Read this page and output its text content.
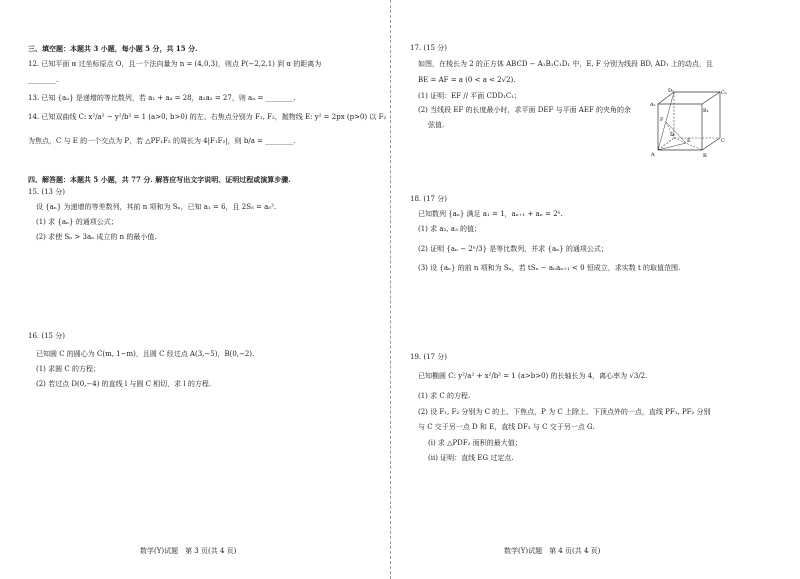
三、填空题：本题共 3 小题，每小题 5 分，共 15 分.
12. 已知平面 α 过坐标原点 O，且一个法向量为 n = (4,0,3)，则点 P(−2,2,1) 到 α 的距离为
________.
13. 已知 {aₙ} 是递增的等比数列，若 a₁ + a₄ = 28，a₂a₃ = 27，则 aₙ = ________.
14. 已知双曲线 C: x²/a² − y²/b² = 1 (a>0, b>0) 的左、右焦点分别为 F₁, F₂，抛物线 E: y² = 2px (p>0) 以 F₂
为焦点，C 与 E 的一个交点为 P，若 △PF₁F₂ 的周长为 4|F₁F₂|，则 b/a = ________.
四、解答题：本题共 5 小题，共 77 分. 解答应写出文字说明、证明过程或演算步骤.
15. (13 分)
设 {aₙ} 为递增的等差数列，其前 n 项和为 Sₙ，已知 a₁ = 6，且 2S₅ = a₅².
(1) 求 {aₙ} 的通项公式；
(2) 求使 Sₙ > 3aₙ 成立的 n 的最小值.
16. (15 分)
已知圆 C 的圆心为 C(m, 1−m)，且圆 C 经过点 A(3,−5)，B(0,−2).
(1) 求圆 C 的方程；
(2) 若过点 D(0,−4) 的直线 l 与圆 C 相切，求 l 的方程.
数学(Y)试题　第 3 页(共 4 页)
17. (15 分)
如图，在棱长为 2 的正方体 ABCD − A₁B₁C₁D₁ 中，E, F 分别为线段 BD, AD₁ 上的动点，且
BE = AF = a (0 < a < 2√2).
(1) 证明：EF // 平面 CDD₁C₁；
(2) 当线段 EF 的长度最小时，求平面 DEF 与平面 AEF 的夹角的余
弦值.
A₁
D₁	C₁
B₁
A
D
C
B
F
E
18. (17 分)
已知数列 {aₙ} 满足 a₁ = 1，aₙ₊₁ + aₙ = 2ⁿ.
(1) 求 a₂, a₃ 的值；
(2) 证明 {aₙ − 2ⁿ/3} 是等比数列，并求 {aₙ} 的通项公式；
(3) 设 {aₙ} 的前 n 项和为 Sₙ，若 tSₙ − aₙaₙ₊₁ < 0 恒成立，求实数 t 的取值范围.
19. (17 分)
已知椭圆 C: y²/a² + x²/b² = 1 (a>b>0) 的长轴长为 4，离心率为 √3/2.
(1) 求 C 的方程.
(2) 设 F₁, F₂ 分别为 C 的上、下焦点，P 为 C 上除上、下顶点外的一点，直线 PF₁, PF₂ 分别
与 C 交于另一点 D 和 E，直线 DF₂ 与 C 交于另一点 G.
(ⅰ) 求 △PDF₂ 面积的最大值；
(ⅱ) 证明：直线 EG 过定点.
数学(Y)试题　第 4 页(共 4 页)
